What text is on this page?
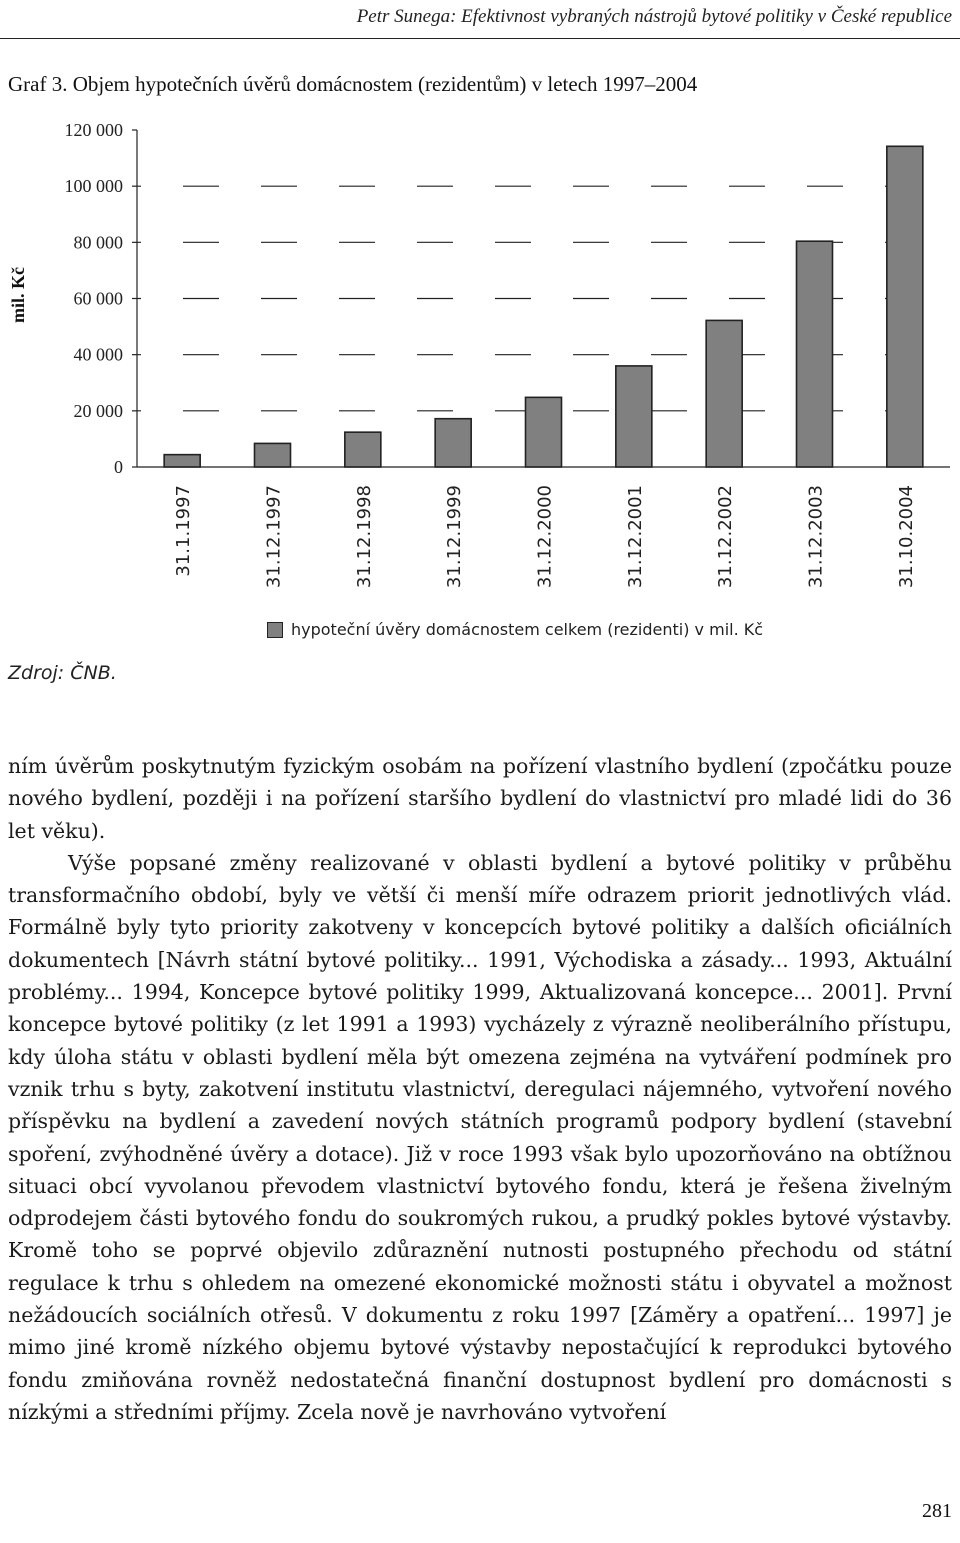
Petr Sunega: Efektivnost vybraných nástrojů bytové politiky v České republice
Graf 3. Objem hypotečních úvěrů domácnostem (rezidentům) v letech 1997–2004
0
20 000
40 000
60 000
80 000
100 000
120 000
31.1.1997	31.12.1997	31.12.1998	31.12.1999	31.12.2000	31.12.2001	31.12.2002	31.12.2003	31.10.2004
mil. Kč
hypoteční úvěry domácnostem celkem (rezidenti) v mil. Kč
Zdroj: ČNB.

ním úvěrům poskytnutým fyzickým osobám na pořízení vlastního bydlení (zpočátku pouze nového bydlení, později i na pořízení staršího bydlení do vlastnictví pro mladé lidi do 36 let věku).

Výše popsané změny realizované v oblasti bydlení a bytové politiky v průběhu transformačního období, byly ve větší či menší míře odrazem priorit jednotlivých vlád. Formálně byly tyto priority zakotveny v koncepcích bytové politiky a dalších oficiálních dokumentech [Návrh státní bytové politiky... 1991, Východiska a zásady... 1993, Aktuální problémy... 1994, Koncepce bytové politiky 1999, Aktualizovaná koncepce... 2001]. První koncepce bytové politiky (z let 1991 a 1993) vycházely z výrazně neoliberálního přístupu, kdy úloha státu v oblasti bydlení měla být omezena zejména na vytváření podmínek pro vznik trhu s byty, zakotvení institutu vlastnictví, deregulaci nájemného, vytvoření nového příspěvku na bydlení a zavedení nových státních programů podpory bydlení (stavební spoření, zvýhodněné úvěry a dotace). Již v roce 1993 však bylo upozorňováno na obtížnou situaci obcí vyvolanou převodem vlastnictví bytového fondu, která je řešena živelným odprodejem části bytového fondu do soukromých rukou, a prudký pokles bytové výstavby. Kromě toho se poprvé objevilo zdůraznění nutnosti postupného přechodu od státní regulace k trhu s ohledem na omezené ekonomické možnosti státu i obyvatel a možnost nežádoucích sociálních otřesů. V dokumentu z roku 1997 [Záměry a opatření... 1997] je mimo jiné kromě nízkého objemu bytové výstavby nepostačující k reprodukci bytového fondu zmiňována rovněž nedostatečná finanční dostupnost bydlení pro domácnosti s nízkými a středními příjmy. Zcela nově je navrhováno vytvoření

281
